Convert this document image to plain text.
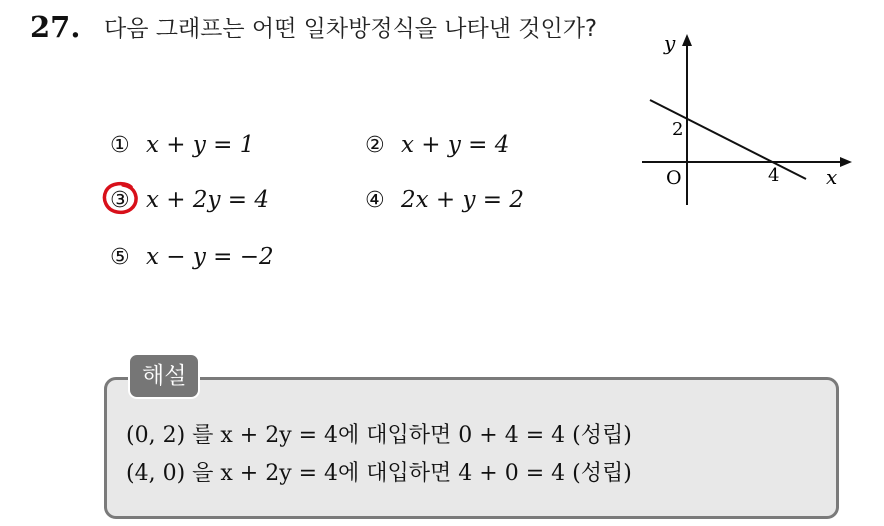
27. 다음 그래프는 어떤 일차방정식을 나타낸 것인가?
① x + y = 1	② x + y = 4
③ x + 2y = 4	④ 2x + y = 2
⑤ x − y = −2
y
x
O
2
4
해설
(0, 2) 를 x + 2y = 4에 대입하면 0 + 4 = 4 (성립)
(4, 0) 을 x + 2y = 4에 대입하면 4 + 0 = 4 (성립)
